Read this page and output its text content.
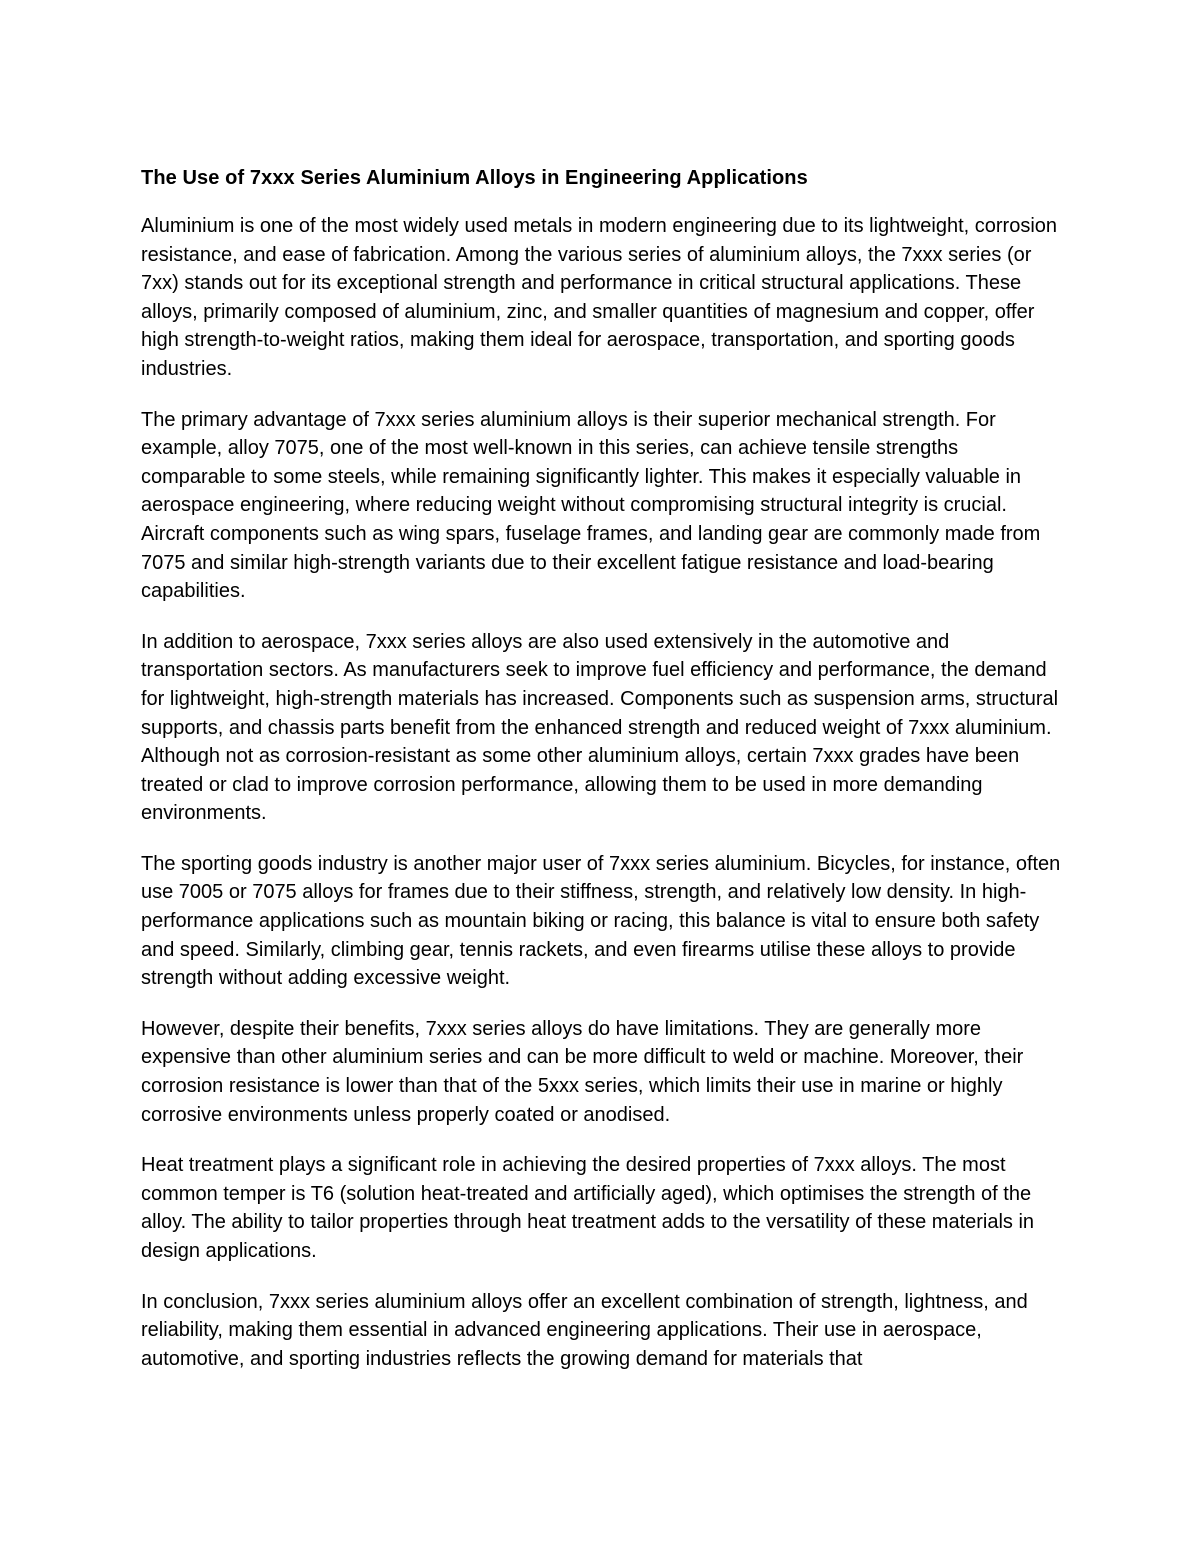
The Use of 7xxx Series Aluminium Alloys in Engineering Applications

Aluminium is one of the most widely used metals in modern engineering due to its lightweight, corrosion resistance, and ease of fabrication. Among the various series of aluminium alloys, the 7xxx series (or 7xx) stands out for its exceptional strength and performance in critical structural applications. These alloys, primarily composed of aluminium, zinc, and smaller quantities of magnesium and copper, offer high strength-to-weight ratios, making them ideal for aerospace, transportation, and sporting goods industries.

The primary advantage of 7xxx series aluminium alloys is their superior mechanical strength. For example, alloy 7075, one of the most well-known in this series, can achieve tensile strengths comparable to some steels, while remaining significantly lighter. This makes it especially valuable in aerospace engineering, where reducing weight without compromising structural integrity is crucial. Aircraft components such as wing spars, fuselage frames, and landing gear are commonly made from 7075 and similar high-strength variants due to their excellent fatigue resistance and load-bearing capabilities.

In addition to aerospace, 7xxx series alloys are also used extensively in the automotive and transportation sectors. As manufacturers seek to improve fuel efficiency and performance, the demand for lightweight, high-strength materials has increased. Components such as suspension arms, structural supports, and chassis parts benefit from the enhanced strength and reduced weight of 7xxx aluminium. Although not as corrosion-resistant as some other aluminium alloys, certain 7xxx grades have been treated or clad to improve corrosion performance, allowing them to be used in more demanding environments.

The sporting goods industry is another major user of 7xxx series aluminium. Bicycles, for instance, often use 7005 or 7075 alloys for frames due to their stiffness, strength, and relatively low density. In high-performance applications such as mountain biking or racing, this balance is vital to ensure both safety and speed. Similarly, climbing gear, tennis rackets, and even firearms utilise these alloys to provide strength without adding excessive weight.

However, despite their benefits, 7xxx series alloys do have limitations. They are generally more expensive than other aluminium series and can be more difficult to weld or machine. Moreover, their corrosion resistance is lower than that of the 5xxx series, which limits their use in marine or highly corrosive environments unless properly coated or anodised.

Heat treatment plays a significant role in achieving the desired properties of 7xxx alloys. The most common temper is T6 (solution heat-treated and artificially aged), which optimises the strength of the alloy. The ability to tailor properties through heat treatment adds to the versatility of these materials in design applications.

In conclusion, 7xxx series aluminium alloys offer an excellent combination of strength, lightness, and reliability, making them essential in advanced engineering applications. Their use in aerospace, automotive, and sporting industries reflects the growing demand for materials that
